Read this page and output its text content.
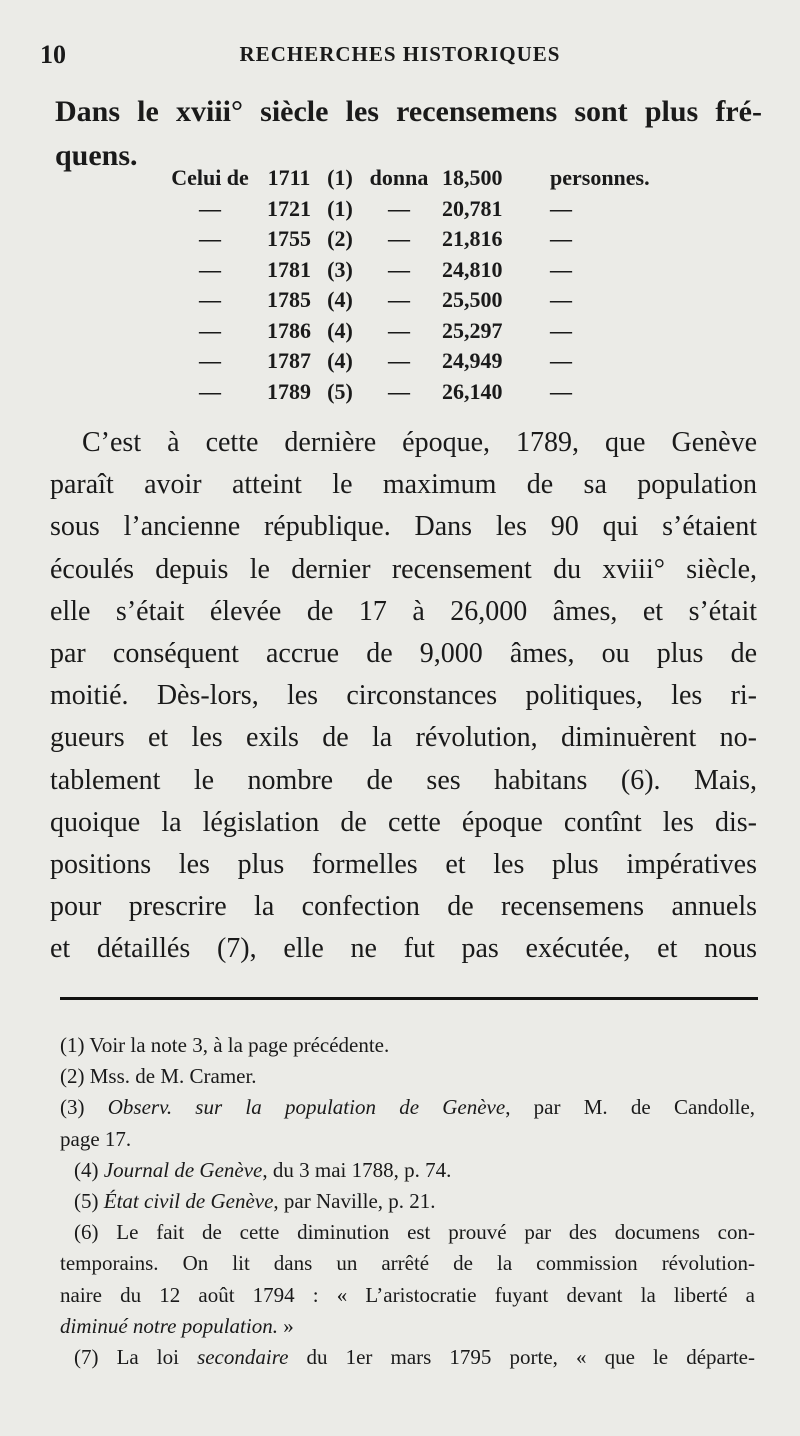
10	RECHERCHES HISTORIQUES
Dans le xviii° siècle les recensemens sont plus fré-
quens.
Celui de 1711 (1) donna 18,500	personnes.
—	1721 (1)	—	20,781	—
—	1755 (2)	—	21,816	—
—	1781 (3)	—	24,810	—
—	1785 (4)	—	25,500	—
—	1786 (4)	—	25,297	—
—	1787 (4)	—	24,949	—
—	1789 (5)	—	26,140	—
C’est à cette dernière époque, 1789, que Genève
paraît avoir atteint le maximum de sa population
sous l’ancienne république. Dans les 90 qui s’étaient
écoulés depuis le dernier recensement du xviii° siècle,
elle s’était élevée de 17 à 26,000 âmes, et s’était
par conséquent accrue de 9,000 âmes, ou plus de
moitié. Dès-lors, les circonstances politiques, les ri-
gueurs et les exils de la révolution, diminuèrent no-
tablement le nombre de ses habitans (6). Mais,
quoique la législation de cette époque contînt les dis-
positions les plus formelles et les plus impératives
pour prescrire la confection de recensemens annuels
et détaillés (7), elle ne fut pas exécutée, et nous
(1) Voir la note 3, à la page précédente.
(2) Mss. de M. Cramer.
(3) Observ. sur la population de Genève, par M. de Candolle,
page 17.
(4) Journal de Genève, du 3 mai 1788, p. 74.
(5) État civil de Genève, par Naville, p. 21.
(6) Le fait de cette diminution est prouvé par des documens con-
temporains. On lit dans un arrêté de la commission révolution-
naire du 12 août 1794 : « L’aristocratie fuyant devant la liberté a
diminué notre population. »
(7) La loi secondaire du 1er mars 1795 porte, « que le départe-
